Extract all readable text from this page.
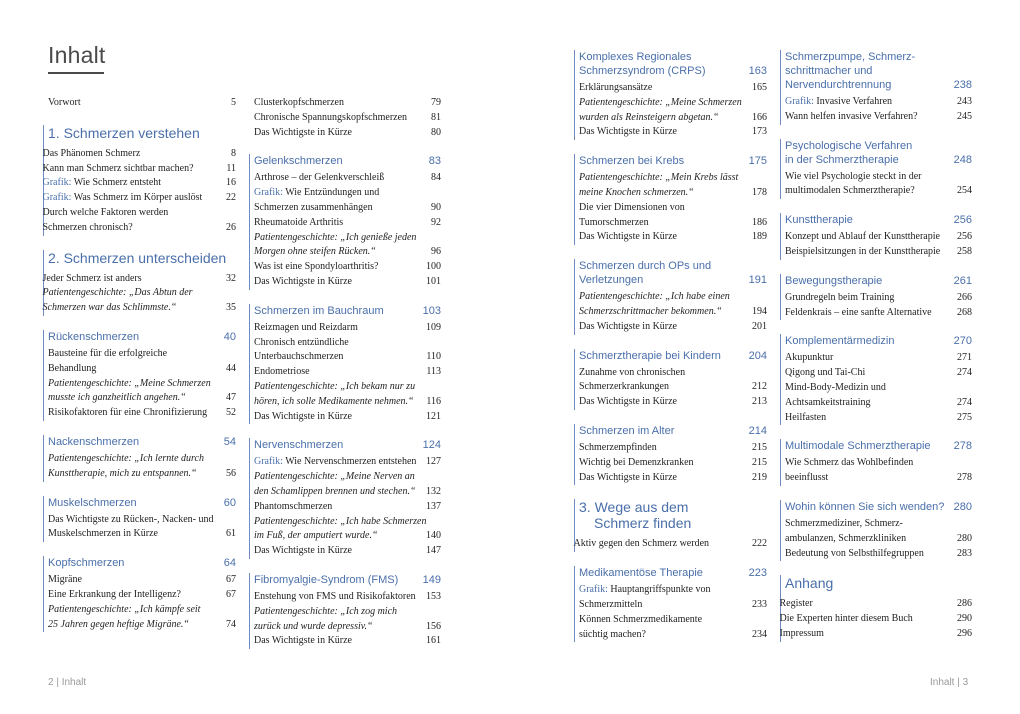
Inhalt
Vorwort	5
1. Schmerzen verstehen
Das Phänomen Schmerz	8
Kann man Schmerz sichtbar machen?	11
Grafik: Wie Schmerz entsteht	16
Grafik: Was Schmerz im Körper auslöst	22
Durch welche Faktoren werden
Schmerzen chronisch?	26
2. Schmerzen unterscheiden
Jeder Schmerz ist anders	32
Patientengeschichte: „Das Abtun der
Schmerzen war das Schlimmste.“	35
Rückenschmerzen	40
Bausteine für die erfolgreiche
Behandlung	44
Patientengeschichte: „Meine Schmerzen
musste ich ganzheitlich angehen.“	47
Risikofaktoren für eine Chronifizierung	52
Nackenschmerzen	54
Patientengeschichte: „Ich lernte durch
Kunsttherapie, mich zu entspannen.“	56
Muskelschmerzen	60
Das Wichtigste zu Rücken-, Nacken- und
Muskelschmerzen in Kürze	61
Kopfschmerzen	64
Migräne	67
Eine Erkrankung der Intelligenz?	67
Patientengeschichte: „Ich kämpfe seit
25 Jahren gegen heftige Migräne.“	74
Clusterkopfschmerzen	79
Chronische Spannungskopfschmerzen	81
Das Wichtigste in Kürze	80
Gelenkschmerzen	83
Arthrose – der Gelenkverschleiß	84
Grafik: Wie Entzündungen und
Schmerzen zusammenhängen	90
Rheumatoide Arthritis	92
Patientengeschichte: „Ich genieße jeden
Morgen ohne steifen Rücken.“	96
Was ist eine Spondyloarthritis?	100
Das Wichtigste in Kürze	101
Schmerzen im Bauchraum	103
Reizmagen und Reizdarm	109
Chronisch entzündliche
Unterbauchschmerzen	110
Endometriose	113
Patientengeschichte: „Ich bekam nur zu
hören, ich solle Medikamente nehmen.“	116
Das Wichtigste in Kürze	121
Nervenschmerzen	124
Grafik: Wie Nervenschmerzen entstehen 127
Patientengeschichte: „Meine Nerven an
den Schamlippen brennen und stechen.“	132
Phantomschmerzen	137
Patientengeschichte: „Ich habe Schmerzen
im Fuß, der amputiert wurde.“	140
Das Wichtigste in Kürze	147
Fibromyalgie-Syndrom (FMS) 149
Enstehung von FMS und Risikofaktoren	153
Patientengeschichte: „Ich zog mich
zurück und wurde depressiv.“	156
Das Wichtigste in Kürze	161
2 | Inhalt
Komplexes Regionales
Schmerzsyndrom (CRPS)	163
Erklärungsansätze	165
Patientengeschichte: „Meine Schmerzen
wurden als Reinsteigern abgetan.“	166
Das Wichtigste in Kürze	173
Schmerzen bei Krebs	175
Patientengeschichte: „Mein Krebs lässt
meine Knochen schmerzen.“	178
Die vier Dimensionen von
Tumorschmerzen	186
Das Wichtigste in Kürze	189
Schmerzen durch OPs und
Verletzungen	191
Patientengeschichte: „Ich habe einen
Schmerzschrittmacher bekommen.“	194
Das Wichtigste in Kürze	201
Schmerztherapie bei Kindern	204
Zunahme von chronischen
Schmerzerkrankungen	212
Das Wichtigste in Kürze	213
Schmerzen im Alter	214
Schmerzempfinden	215
Wichtig bei Demenzkranken	215
Das Wichtigste in Kürze	219
3. Wege aus dem
Schmerz finden
Aktiv gegen den Schmerz werden	222
Medikamentöse Therapie	223
Grafik: Hauptangriffspunkte von
Schmerzmitteln	233
Können Schmerzmedikamente
süchtig machen?	234
Schmerzpumpe, Schmerz-
schrittmacher und
Nervendurchtrennung	238
Grafik: Invasive Verfahren	243
Wann helfen invasive Verfahren?	245
Psychologische Verfahren
in der Schmerztherapie	248
Wie viel Psychologie steckt in der
multimodalen Schmerztherapie?	254
Kunsttherapie	256
Konzept und Ablauf der Kunsttherapie	256
Beispielsitzungen in der Kunsttherapie	258
Bewegungstherapie	261
Grundregeln beim Training	266
Feldenkrais – eine sanfte Alternative	268
Komplementärmedizin	270
Akupunktur	271
Qigong und Tai-Chi	274
Mind-Body-Medizin und
Achtsamkeitstraining	274
Heilfasten	275
Multimodale Schmerztherapie 278
Wie Schmerz das Wohlbefinden
beeinflusst	278
Wohin können Sie sich wenden? 280
Schmerzmediziner, Schmerz-
ambulanzen, Schmerzkliniken	280
Bedeutung von Selbsthilfegruppen	283
Anhang
Register	286
Die Experten hinter diesem Buch	290
Impressum	296
Inhalt | 3
